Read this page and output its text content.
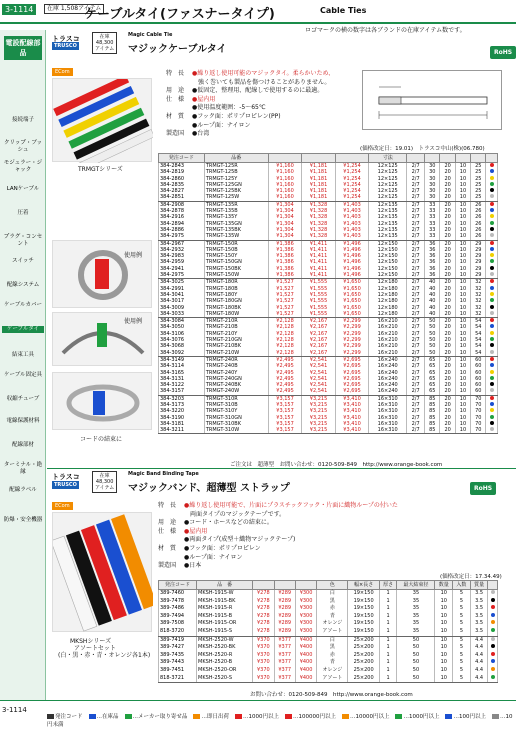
3-1114	在庫 1,508アイテム
ケーブルタイ(ファスナータイプ)	Cable Ties
ロゴマークの横の数字は各ブランドの在庫アイテム数です。
電設配線部品
接続端子
クリップ・ブッシュ
モジュラー・ジャック
LANケーブル
圧着
プラグ・コンセント
スイッチ
配線システム
ケーブルカバー
ケーブルタイ
結束工具
ケーブル固定具
収縮チューブ
電線保護材料
配線部材
ターミナル・絶縁
配線ラベル
防爆・安全機器
TRUSCO
トラスコ	在庫
48,300
アイテム
Magic Cable Tie
マジックケーブルタイ	RoHS
ECom
TRMGTシリーズ
特　長 ●繰り返し使用可能のマジックタイ。柔らかいため、
　強く巻いても製品を傷つけることがありません。
用　途 ●仮固定、整理用、配線しで使用するのに最適。
仕　様 ●屋内用
●使用温度範囲：-5〜65℃
材　質 ●フック面：ポリプロピレン(PP)
●ループ面：ナイロン
製造国 ●台湾
(価格改定日：19.01)　トラスコ中山(株)(06.780)
使用例
使用例
コードの結束に
発注コード	品番				寸法						
384-2843	TRMGT-125R	¥1,160	¥1,181	¥1,254	12×125	2/7	30	20	10	25	
384-2819	TRMGT-125B	¥1,160	¥1,181	¥1,254	12×125	2/7	30	20	10	25	
384-2860	TRMGT-125Y	¥1,160	¥1,181	¥1,254	12×125	2/7	30	20	10	25	
384-2835	TRMGT-125GN	¥1,160	¥1,181	¥1,254	12×125	2/7	30	20	10	25	
384-2827	TRMGT-125BK	¥1,160	¥1,181	¥1,254	12×125	2/7	30	20	10	25	
384-2851	TRMGT-125W	¥1,160	¥1,181	¥1,254	12×125	2/7	30	20	10	25	
384-2908	TRMGT-135R	¥1,304	¥1,328	¥1,403	12×135	2/7	33	20	10	26	
384-2878	TRMGT-135B	¥1,304	¥1,328	¥1,403	12×135	2/7	33	20	10	26	
384-2916	TRMGT-135Y	¥1,304	¥1,328	¥1,403	12×135	2/7	33	20	10	26	
384-2894	TRMGT-135GN	¥1,304	¥1,328	¥1,403	12×135	2/7	33	20	10	26	
384-2886	TRMGT-135BK	¥1,304	¥1,328	¥1,403	12×135	2/7	33	20	10	26	
384-2975	TRMGT-135W	¥1,304	¥1,328	¥1,403	12×135	2/7	33	20	10	26	
384-2967	TRMGT-150R	¥1,386	¥1,411	¥1,496	12×150	2/7	36	20	10	29	
384-2932	TRMGT-150B	¥1,386	¥1,411	¥1,496	12×150	2/7	36	20	10	29	
384-2983	TRMGT-150Y	¥1,386	¥1,411	¥1,496	12×150	2/7	36	20	10	29	
384-2959	TRMGT-150GN	¥1,386	¥1,411	¥1,496	12×150	2/7	36	20	10	29	
384-2941	TRMGT-150BK	¥1,386	¥1,411	¥1,496	12×150	2/7	36	20	10	29	
384-2975	TRMGT-150W	¥1,386	¥1,411	¥1,496	12×150	2/7	36	20	10	29	
384-3025	TRMGT-180R	¥1,527	¥1,555	¥1,650	12×180	2/7	40	20	10	32	
384-2991	TRMGT-180B	¥1,527	¥1,555	¥1,650	12×180	2/7	40	20	10	32	
384-3041	TRMGT-180Y	¥1,527	¥1,555	¥1,650	12×180	2/7	40	20	10	32	
384-3017	TRMGT-180GN	¥1,527	¥1,555	¥1,650	12×180	2/7	40	20	10	32	
384-3009	TRMGT-180BK	¥1,527	¥1,555	¥1,650	12×180	2/7	40	20	10	32	
384-3033	TRMGT-180W	¥1,527	¥1,555	¥1,650	12×180	2/7	40	20	10	32	
384-3084	TRMGT-210R	¥2,128	¥2,167	¥2,299	16×210	2/7	50	20	10	54	
384-3050	TRMGT-210B	¥2,128	¥2,167	¥2,299	16×210	2/7	50	20	10	54	
384-3106	TRMGT-210Y	¥2,128	¥2,167	¥2,299	16×210	2/7	50	20	10	54	
384-3076	TRMGT-210GN	¥2,128	¥2,167	¥2,299	16×210	2/7	50	20	10	54	
384-3068	TRMGT-210BK	¥2,128	¥2,167	¥2,299	16×210	2/7	50	20	10	54	
384-3092	TRMGT-210W	¥2,128	¥2,167	¥2,299	16×210	2/7	50	20	10	54	
384-3149	TRMGT-240R	¥2,495	¥2,541	¥2,695	16×240	2/7	65	20	10	60	
384-3114	TRMGT-240B	¥2,495	¥2,541	¥2,695	16×240	2/7	65	20	10	60	
384-3165	TRMGT-240Y	¥2,495	¥2,541	¥2,695	16×240	2/7	65	20	10	60	
384-3131	TRMGT-240GN	¥2,495	¥2,541	¥2,695	16×240	2/7	65	20	10	60	
384-3122	TRMGT-240BK	¥2,495	¥2,541	¥2,695	16×240	2/7	65	20	10	60	
384-3157	TRMGT-240W	¥2,495	¥2,541	¥2,695	16×240	2/7	65	20	10	60	
384-3203	TRMGT-310R	¥3,157	¥3,215	¥3,410	16×310	2/7	85	20	10	70	
384-3173	TRMGT-310B	¥3,157	¥3,215	¥3,410	16×310	2/7	85	20	10	70	
384-3220	TRMGT-310Y	¥3,157	¥3,215	¥3,410	16×310	2/7	85	20	10	70	
384-3190	TRMGT-310GN	¥3,157	¥3,215	¥3,410	16×310	2/7	85	20	10	70	
384-3181	TRMGT-310BK	¥3,157	¥3,215	¥3,410	16×310	2/7	85	20	10	70	
384-3211	TRMGT-310W	¥3,157	¥3,215	¥3,410	16×310	2/7	85	20	10	70	
ご注文は　超薄型　お問い合わせ：0120-509-849　http://www.orange-book.com
トラスコ
TRUSCO
在庫
48,300
アイテム
Magic Band Binding Tape
マジックバンド、超薄型 ストラップ	RoHS
ECom
MKSHシリーズ
アソートセット
(白・黒・赤・青・オレンジ各1本)
特　長 ●繰り返し使用可能で、片面にプラスチックフック・片面に織物ループの付いた
　両面タイプのマジックテープです。
用　途 ●コード・ホースなどの結束に。
仕　様 ●屋内用
●両面タイプ(成型＋織物マジックテープ)
材　質 ●フック面：ポリプロピレン
●ループ面：ナイロン
製造国 ●日本
(価格改定日：17.34.49)
発注コード	品　番				色	幅×長さ	厚さ	最大結束径	数量	入数	質量	
389-7460	MKSH-1915-W	¥278	¥289	¥300	白	19×150	1	35	10	5	3.5	
389-7478	MKSH-1915-BK	¥278	¥289	¥300	黒	19×150	1	35	10	5	3.5	
389-7486	MKSH-1915-R	¥278	¥289	¥300	赤	19×150	1	35	10	5	3.5	
389-7494	MKSH-1915-B	¥278	¥289	¥300	青	19×150	1	35	10	5	3.5	
389-7508	MKSH-1915-OR	¥278	¥289	¥300	オレンジ	19×150	1	35	10	5	3.5	
818-3720	MKSH-1915-S	¥278	¥289	¥300	アソート	19×150	1	35	10	5	3.5	
389-7419	MKSH-2520-W	¥370	¥377	¥400	白	25×200	1	50	10	5	4.4	
389-7427	MKSH-2520-BK	¥370	¥377	¥400	黒	25×200	1	50	10	5	4.4	
389-7435	MKSH-2520-R	¥370	¥377	¥400	赤	25×200	1	50	10	5	4.4	
389-7443	MKSH-2520-B	¥370	¥377	¥400	青	25×200	1	50	10	5	4.4	
389-7451	MKSH-2520-OR	¥370	¥377	¥400	オレンジ	25×200	1	50	10	5	4.4	
818-3721	MKSH-2520-S	¥370	¥377	¥400	アソート	25×200	1	50	10	5	4.4	
お問い合わせ：0120-509-849　http://www.orange-book.com
3-1114
発注コード	…在庫品	…メーカー取り寄せ品	…即日出荷	…1000円以上	…100000円以上	…10000円以上	…1000円以上	…100円以上	…10円未満
